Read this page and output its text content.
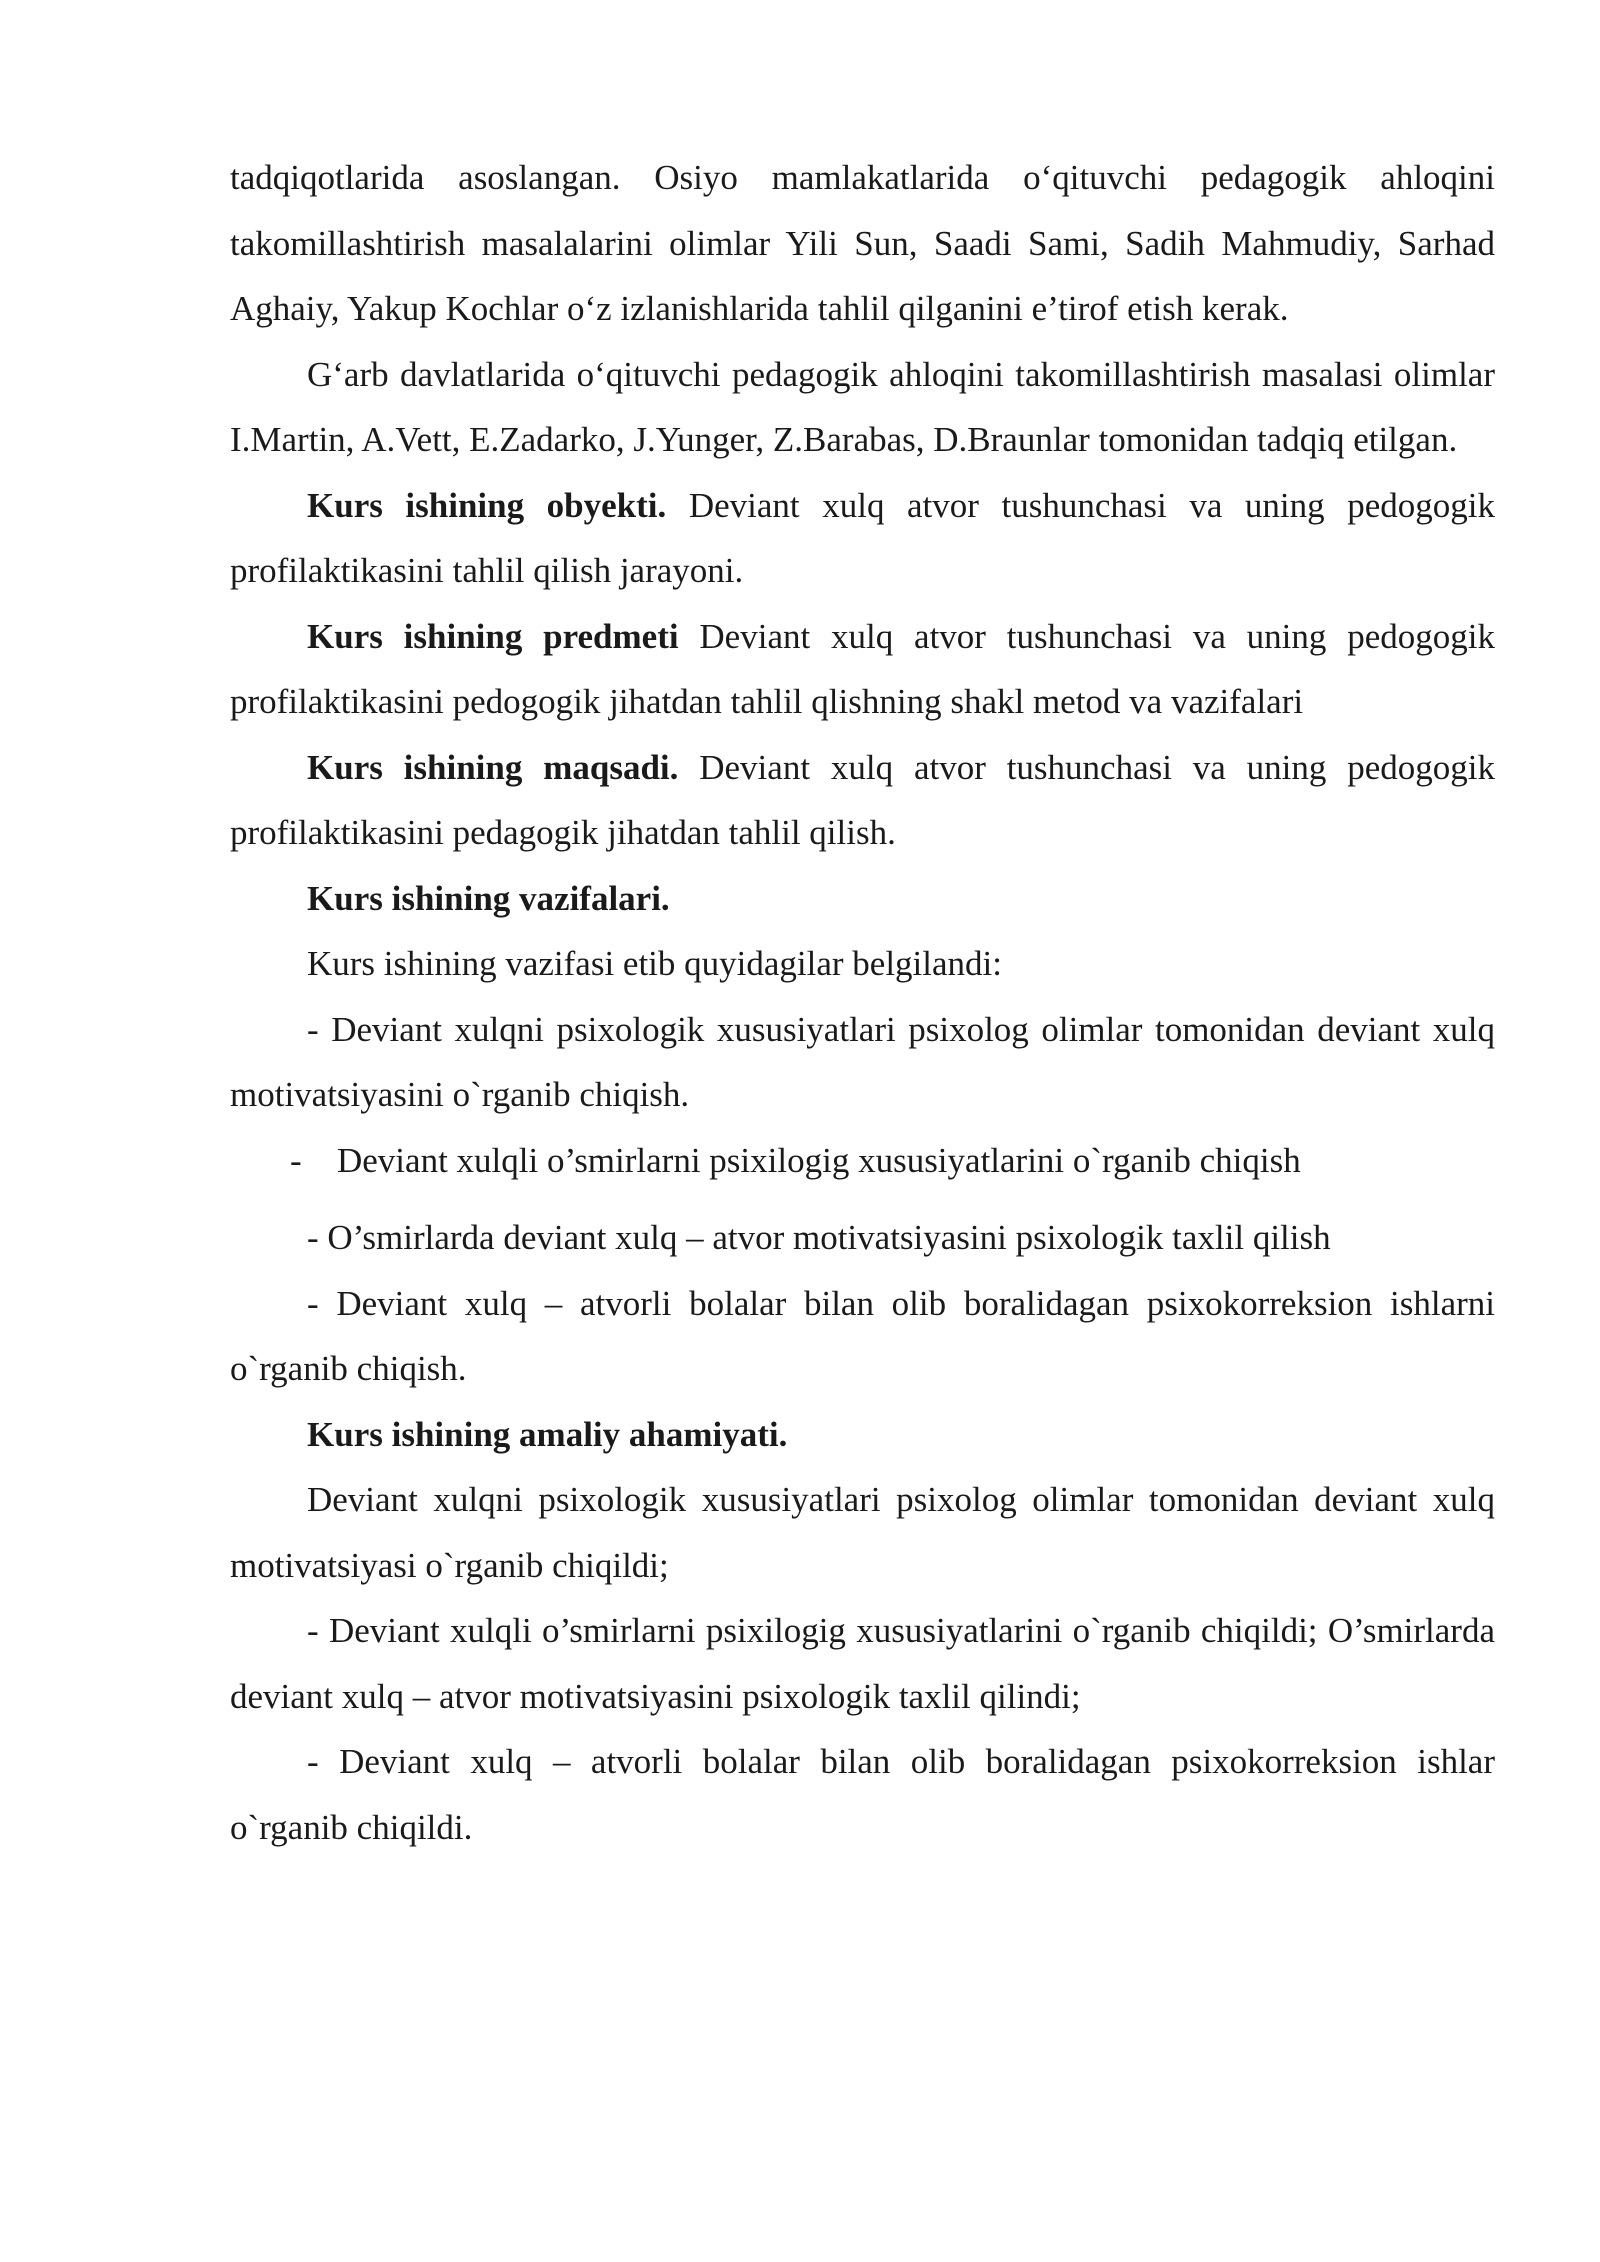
tadqiqotlarida asoslangan. Osiyo mamlakatlarida o‘qituvchi pedagogik ahloqini takomillashtirish masalalarini olimlar Yili Sun, Saadi Sami, Sadih Mahmudiy, Sarhad Aghaiy, Yakup Kochlar o‘z izlanishlarida tahlil qilganini e’tirof etish kerak.

G‘arb davlatlarida o‘qituvchi pedagogik ahloqini takomillashtirish masalasi olimlar I.Martin, A.Vett, E.Zadarko, J.Yunger, Z.Barabas, D.Braunlar tomonidan tadqiq etilgan.

Kurs ishining obyekti. Deviant xulq atvor tushunchasi va uning pedogogik profilaktikasini tahlil qilish jarayoni.

Kurs ishining predmeti Deviant xulq atvor tushunchasi va uning pedogogik profilaktikasini pedogogik jihatdan tahlil qlishning shakl metod va vazifalari

Kurs ishining maqsadi. Deviant xulq atvor tushunchasi va uning pedogogik profilaktikasini pedagogik jihatdan tahlil qilish.

Kurs ishining vazifalari.

Kurs ishining vazifasi etib quyidagilar belgilandi:

- Deviant xulqni psixologik xususiyatlari psixolog olimlar tomonidan deviant xulq motivatsiyasini o`rganib chiqish.

- Deviant xulqli o’smirlarni psixilogig xususiyatlarini o`rganib chiqish

- O’smirlarda deviant xulq – atvor motivatsiyasini psixologik taxlil qilish

- Deviant xulq – atvorli bolalar bilan olib boralidagan psixokorreksion ishlarni o`rganib chiqish.

Kurs ishining amaliy ahamiyati.

Deviant xulqni psixologik xususiyatlari psixolog olimlar tomonidan deviant xulq motivatsiyasi o`rganib chiqildi;

- Deviant xulqli o’smirlarni psixilogig xususiyatlarini o`rganib chiqildi; O’smirlarda deviant xulq – atvor motivatsiyasini psixologik taxlil qilindi;

- Deviant xulq – atvorli bolalar bilan olib boralidagan psixokorreksion ishlar o`rganib chiqildi.
